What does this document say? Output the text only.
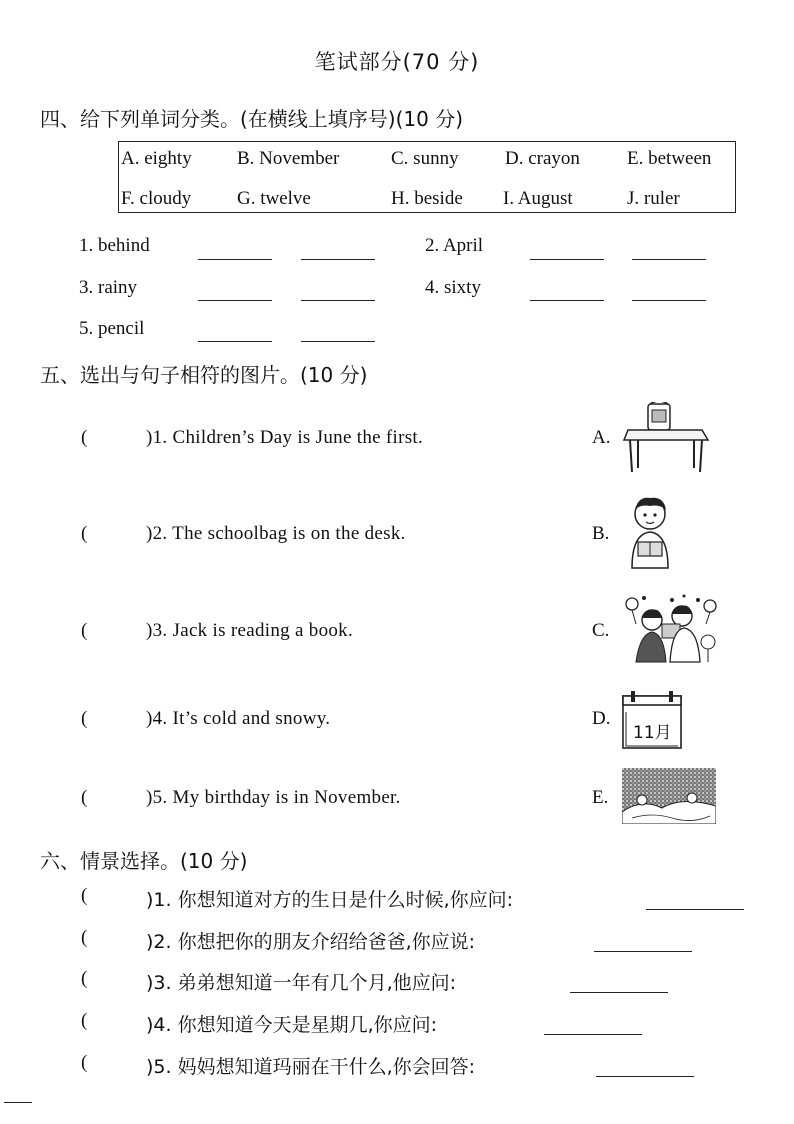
笔试部分(70 分)
四、给下列单词分类。(在横线上填序号)(10 分)
A. eighty B. November	C. sunny D. crayon E. between
F. cloudy G. twelve	H. beside I. August	J. ruler
1. behind	2. April
3. rainy	4. sixty
5. pencil
五、选出与句子相符的图片。(10 分)
(	)1. Children’s Day is June the first.	A.
(	)2. The schoolbag is on the desk.	B.
(	)3. Jack is reading a book.	C.
(	)4. It’s cold and snowy.	D.
(	)5. My birthday is in November.	E.
11月
六、情景选择。(10 分)
(	)1. 你想知道对方的生日是什么时候,你应问:
(	)2. 你想把你的朋友介绍给爸爸,你应说:
(	)3. 弟弟想知道一年有几个月,他应问:
(	)4. 你想知道今天是星期几,你应问:
(	)5. 妈妈想知道玛丽在干什么,你会回答:
